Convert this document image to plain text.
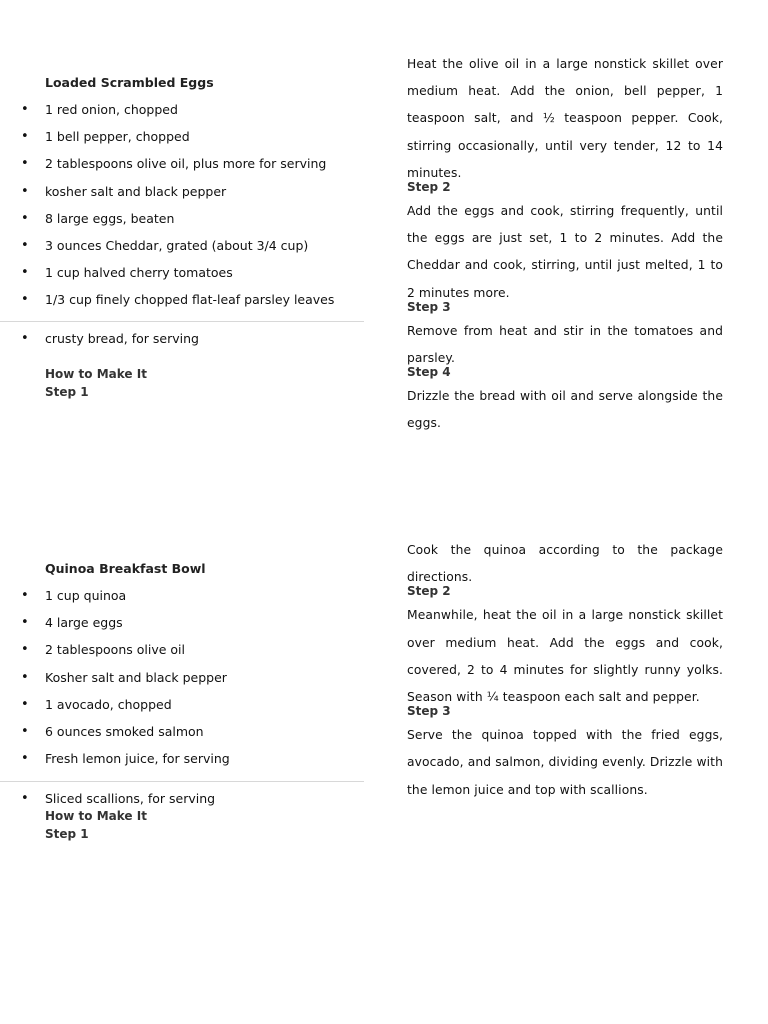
Loaded Scrambled Eggs
• 1 red onion, chopped
• 1 bell pepper, chopped
• 2 tablespoons olive oil, plus more for serving
• kosher salt and black pepper
• 8 large eggs, beaten
• 3 ounces Cheddar, grated (about 3/4 cup)
• 1 cup halved cherry tomatoes
• 1/3 cup finely chopped flat-leaf parsley leaves
• crusty bread, for serving
How to Make It
Step 1

Heat the olive oil in a large nonstick skillet over medium heat. Add the onion, bell pepper, 1 teaspoon salt, and ½ teaspoon pepper. Cook, stirring occasionally, until very tender, 12 to 14 minutes.

Step 2

Add the eggs and cook, stirring frequently, until the eggs are just set, 1 to 2 minutes. Add the Cheddar and cook, stirring, until just melted, 1 to 2 minutes more.

Step 3

Remove from heat and stir in the tomatoes and parsley.

Step 4

Drizzle the bread with oil and serve alongside the eggs.

Quinoa Breakfast Bowl
• 1 cup quinoa
• 4 large eggs
• 2 tablespoons olive oil
• Kosher salt and black pepper
• 1 avocado, chopped
• 6 ounces smoked salmon
• Fresh lemon juice, for serving
• Sliced scallions, for serving
How to Make It
Step 1

Cook the quinoa according to the package directions.

Step 2

Meanwhile, heat the oil in a large nonstick skillet over medium heat. Add the eggs and cook, covered, 2 to 4 minutes for slightly runny yolks. Season with ¼ teaspoon each salt and pepper.

Step 3

Serve the quinoa topped with the fried eggs, avocado, and salmon, dividing evenly. Drizzle with the lemon juice and top with scallions.
